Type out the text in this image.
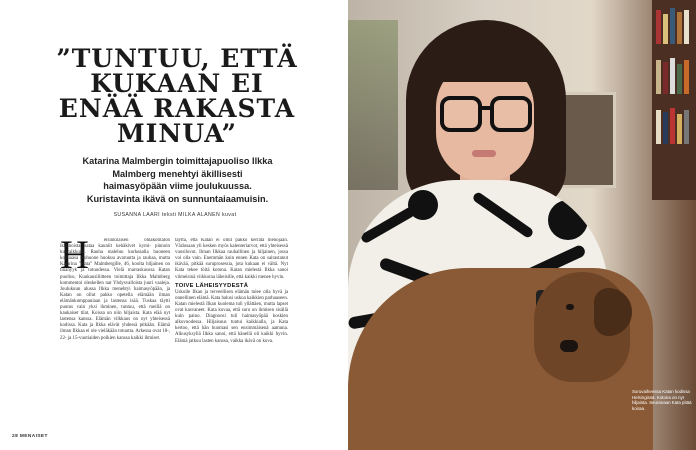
”TUNTUU, ETTÄ KUKAAN EI ENÄÄ RAKASTA MINUA”
Katarina Malmbergin toimittajapuoliso Ilkka Malmberg menehtyi äkillisesti haimasyöpään viime joulukuussa. Kuristavinta ikävä on sunnuntaiaamuisin.
SUSANNA LAARI teksti MILKA ALANEN kuvat
H	elsinkiläisen omakotitalon ikkunoista sataa kauniit kehäkivet kymi- pinnoin kuuraikkuna. Rauha maleluu korkeaalla huoneen kohuaasa olohuone huokuu avaruutta ja rauhaa, mutta Katarina ”Kata” Malmbergille, 46, koolta hiljainen on tinanyyk ja totuudessa. Vielä marraskuussa Katan puoliso, Kuukausiliitteen toimittaja Ilkka Malmberg kommentoi oleskellen nat Yhdysvalloista juuri vaaleja. Joulukuun alussa Ilkka menehtyi haimasyöpään, ja Katan on ollut pakko opetella elämään ilman elämänkumppaniaan ja lastensa isää. Tuskaa täytti puutus vain yksi ihminen, tuntuu, että meillä on kaukaiset tilat. Koissa on niin hiljaista. Kata elää nyt lastensa kanssa. Elämän vilkkaus on nyt yhteisessä kodissa. Kata ja Ilkka elävät yhdessä pitkään. Elämä ilman Ilkkaa ei ole vieläkään totuutta. Arkessa ovat 18-, 22- ja 15-vuotiaiden poikien kanssa kaikki ihmiset.

täyttä, että Katan ei ollut pakko kerrata menojaan. Värässaan yli kesken myös kalenteriarvot, että yhteisessä vuosiluvut. Ilman Ilkkaa rauhallinen ja hiljainen, jossa voi olla vain. Enemmän kuin ennen Kata on sairastanut ikävää, pitkää suruprosessia, jota kukaan ei vältä. Nyt Kata tekee töitä kotona. Katan mielestä Ilkka sanoi viimeisinä viikkoina läheisille, että kaikki menee hyvin.

TOIVE LÄHEISYYDESTÄ

Uskolle Ilkan ja terveellisen elämän tulee olla hyvä ja onnellinen elämä. Kata halusi uskoa kaikkien parhaaseen. Katan mielestä Ilkan kuolema tuli yllättäen, mutta lapset ovat kasvaneet. Kata kuvaa, että suru on ihmisen sisällä kuin paino. Diagnoosi tuli haimasyöpää koskien alkuvuodessa. Hiljaisuus tuntui kaikkialla, ja Kata kertoo, että hän huomasi sen ensimmäisenä aamuna. Alkusyksyllä Ilkka sanoi, että hänellä oli kaikki hyvin. Elämä jatkuu lasten kanssa, vaikka ikävä on kova.

28 MENAISET
Suruvaiheessa Katan kodissa Helsingissä. Kotona on nyt hiljaista. Seuranaan Kata pitää koiraa.
